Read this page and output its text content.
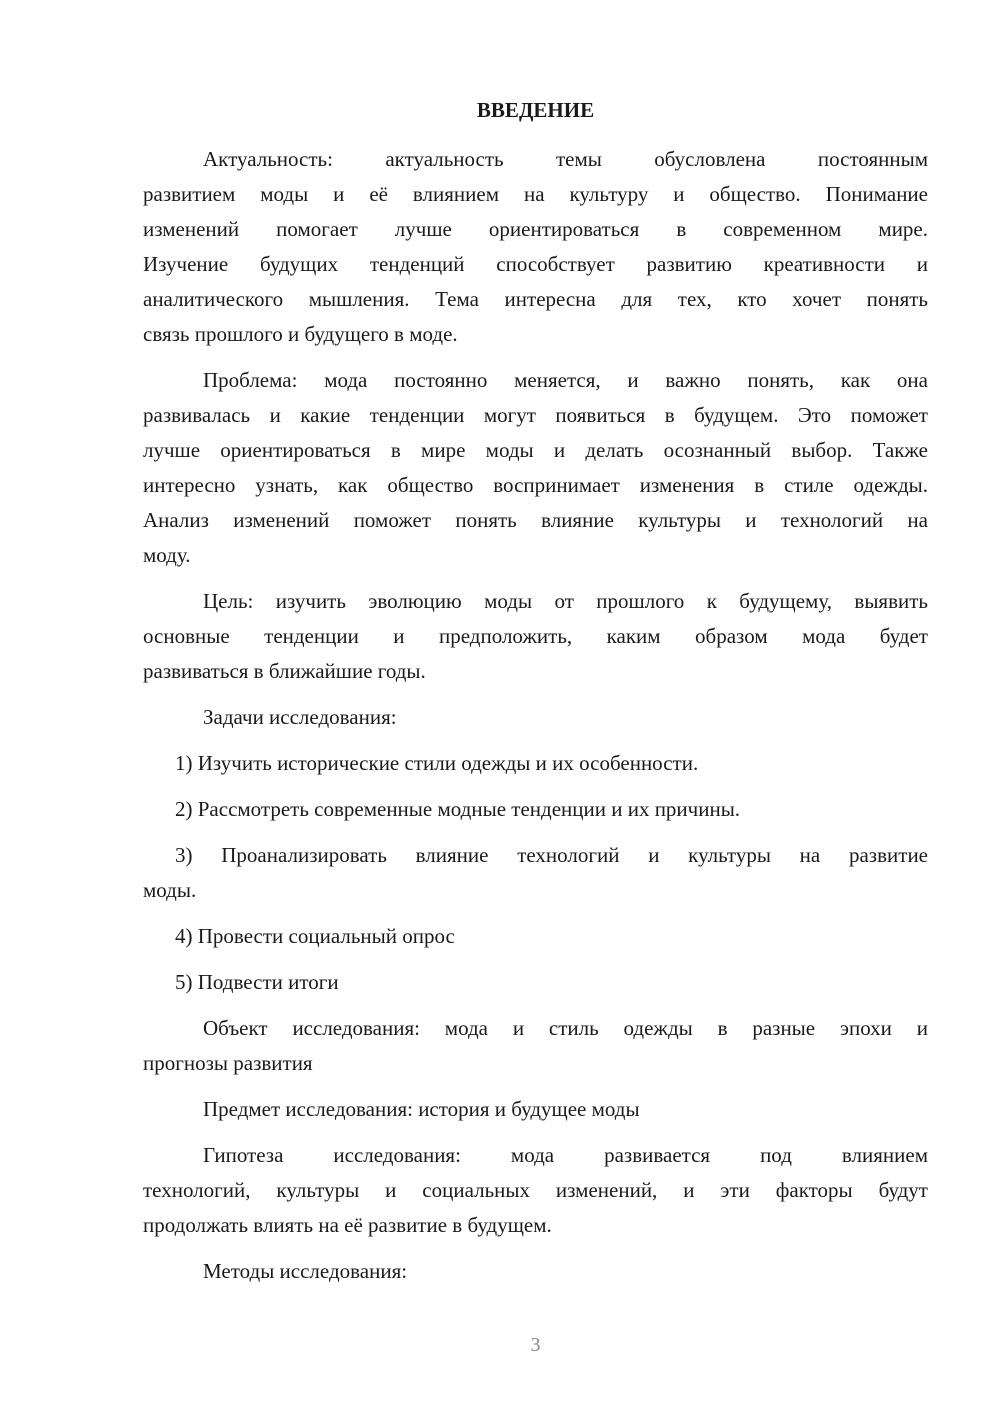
ВВЕДЕНИЕ
Актуальность: актуальность темы обусловлена постоянным
развитием моды и её влиянием на культуру и общество. Понимание
изменений помогает лучше ориентироваться в современном мире.
Изучение будущих тенденций способствует развитию креативности и
аналитического мышления. Тема интересна для тех, кто хочет понять
связь прошлого и будущего в моде.
Проблема: мода постоянно меняется, и важно понять, как она
развивалась и какие тенденции могут появиться в будущем. Это поможет
лучше ориентироваться в мире моды и делать осознанный выбор. Также
интересно узнать, как общество воспринимает изменения в стиле одежды.
Анализ изменений поможет понять влияние культуры и технологий на
моду.
Цель: изучить эволюцию моды от прошлого к будущему, выявить
основные тенденции и предположить, каким образом мода будет
развиваться в ближайшие годы.
Задачи исследования:
1) Изучить исторические стили одежды и их особенности.
2) Рассмотреть современные модные тенденции и их причины.
3) Проанализировать влияние технологий и культуры на развитие
моды.
4) Провести социальный опрос
5) Подвести итоги
Объект исследования: мода и стиль одежды в разные эпохи и
прогнозы развития
Предмет исследования: история и будущее моды
Гипотеза исследования: мода развивается под влиянием
технологий, культуры и социальных изменений, и эти факторы будут
продолжать влиять на её развитие в будущем.
Методы исследования:
3
